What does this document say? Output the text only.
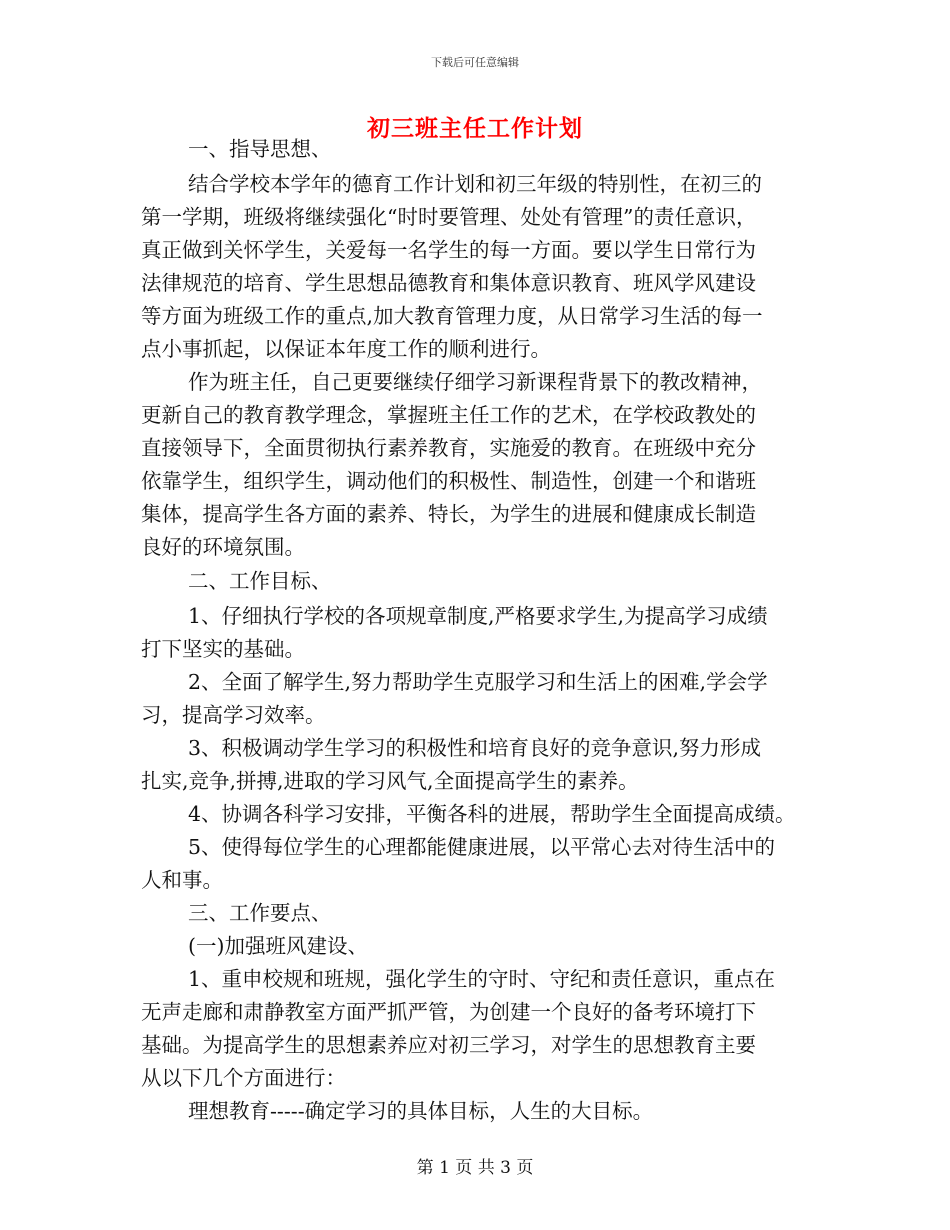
下载后可任意编辑
初三班主任工作计划
一、指导思想、
结合学校本学年的德育工作计划和初三年级的特别性，在初三的
第一学期，班级将继续强化“时时要管理、处处有管理”的责任意识，
真正做到关怀学生，关爱每一名学生的每一方面。要以学生日常行为
法律规范的培育、学生思想品德教育和集体意识教育、班风学风建设
等方面为班级工作的重点,加大教育管理力度，从日常学习生活的每一
点小事抓起，以保证本年度工作的顺利进行。
作为班主任，自己更要继续仔细学习新课程背景下的教改精神，
更新自己的教育教学理念，掌握班主任工作的艺术，在学校政教处的
直接领导下，全面贯彻执行素养教育，实施爱的教育。在班级中充分
依靠学生，组织学生，调动他们的积极性、制造性，创建一个和谐班
集体，提高学生各方面的素养、特长，为学生的进展和健康成长制造
良好的环境氛围。
二、工作目标、
1、仔细执行学校的各项规章制度,严格要求学生,为提高学习成绩
打下坚实的基础。
2、全面了解学生,努力帮助学生克服学习和生活上的困难,学会学
习，提高学习效率。
3、积极调动学生学习的积极性和培育良好的竞争意识,努力形成
扎实,竞争,拼搏,进取的学习风气,全面提高学生的素养。
4、协调各科学习安排，平衡各科的进展，帮助学生全面提高成绩。
5、使得每位学生的心理都能健康进展，以平常心去对待生活中的
人和事。
三、工作要点、
(一)加强班风建设、
1、重申校规和班规，强化学生的守时、守纪和责任意识，重点在
无声走廊和肃静教室方面严抓严管，为创建一个良好的备考环境打下
基础。为提高学生的思想素养应对初三学习，对学生的思想教育主要
从以下几个方面进行：
理想教育-----确定学习的具体目标，人生的大目标。
第 1 页 共 3 页
